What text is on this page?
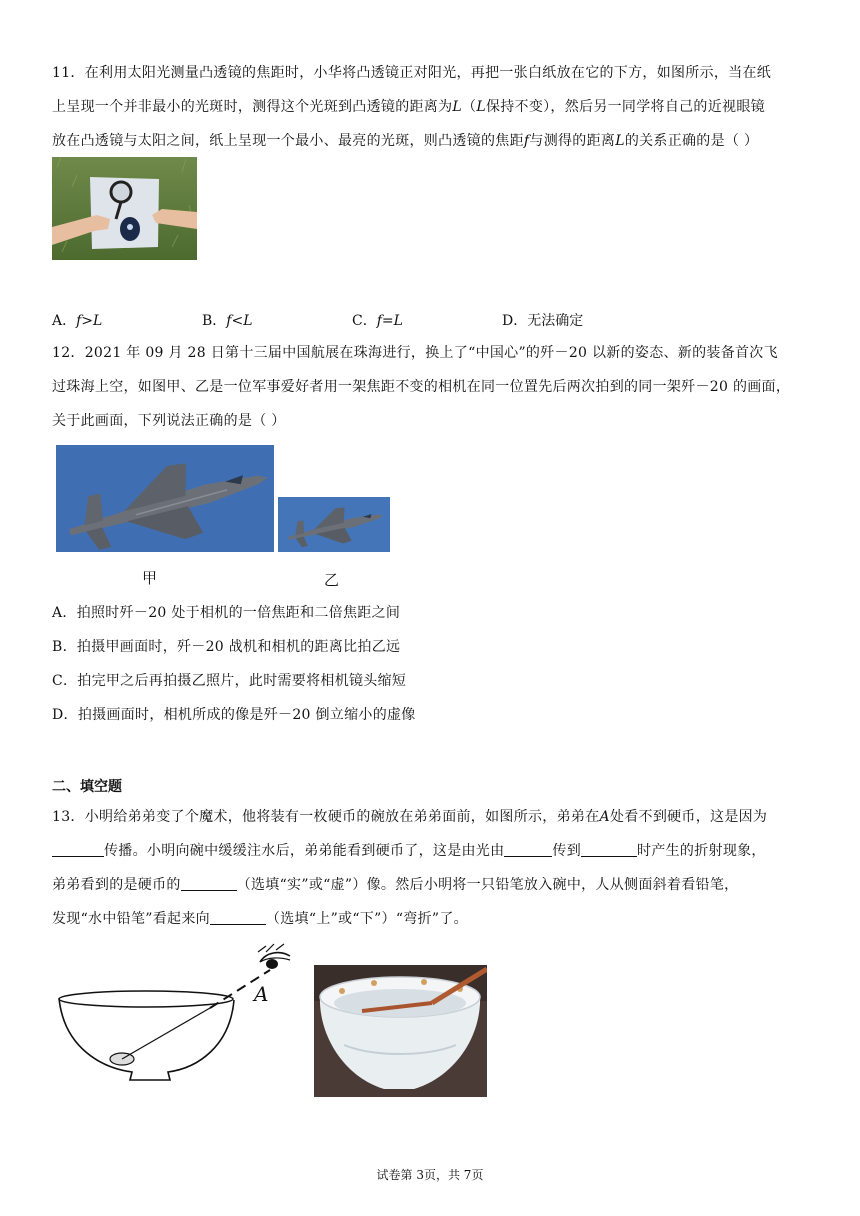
11．在利用太阳光测量凸透镜的焦距时，小华将凸透镜正对阳光，再把一张白纸放在它的下方，如图所示，当在纸
上呈现一个并非最小的光斑时，测得这个光斑到凸透镜的距离为L（L保持不变），然后另一同学将自己的近视眼镜
放在凸透镜与太阳之间，纸上呈现一个最小、最亮的光斑，则凸透镜的焦距f与测得的距离L的关系正确的是（ ）
A．f>L	B．f<L	C．f=L	D．无法确定
12．2021 年 09 月 28 日第十三届中国航展在珠海进行，换上了“中国心”的歼－20 以新的姿态、新的装备首次飞
过珠海上空，如图甲、乙是一位军事爱好者用一架焦距不变的相机在同一位置先后两次拍到的同一架歼－20 的画面，
关于此画面，下列说法正确的是（ ）
甲	乙
A．拍照时歼－20 处于相机的一倍焦距和二倍焦距之间
B．拍摄甲画面时，歼－20 战机和相机的距离比拍乙远
C．拍完甲之后再拍摄乙照片，此时需要将相机镜头缩短
D．拍摄画面时，相机所成的像是歼－20 倒立缩小的虚像
二、填空题
13．小明给弟弟变了个魔术，他将装有一枚硬币的碗放在弟弟面前，如图所示，弟弟在A处看不到硬币，这是因为
传播。小明向碗中缓缓注水后，弟弟能看到硬币了，这是由光由	传到	时产生的折射现象，
弟弟看到的是硬币的	（选填“实”或“虚”）像。然后小明将一只铅笔放入碗中，人从侧面斜着看铅笔，
发现“水中铅笔”看起来向	（选填“上”或“下”）“弯折”了。
A
试卷第 3页，共 7页
